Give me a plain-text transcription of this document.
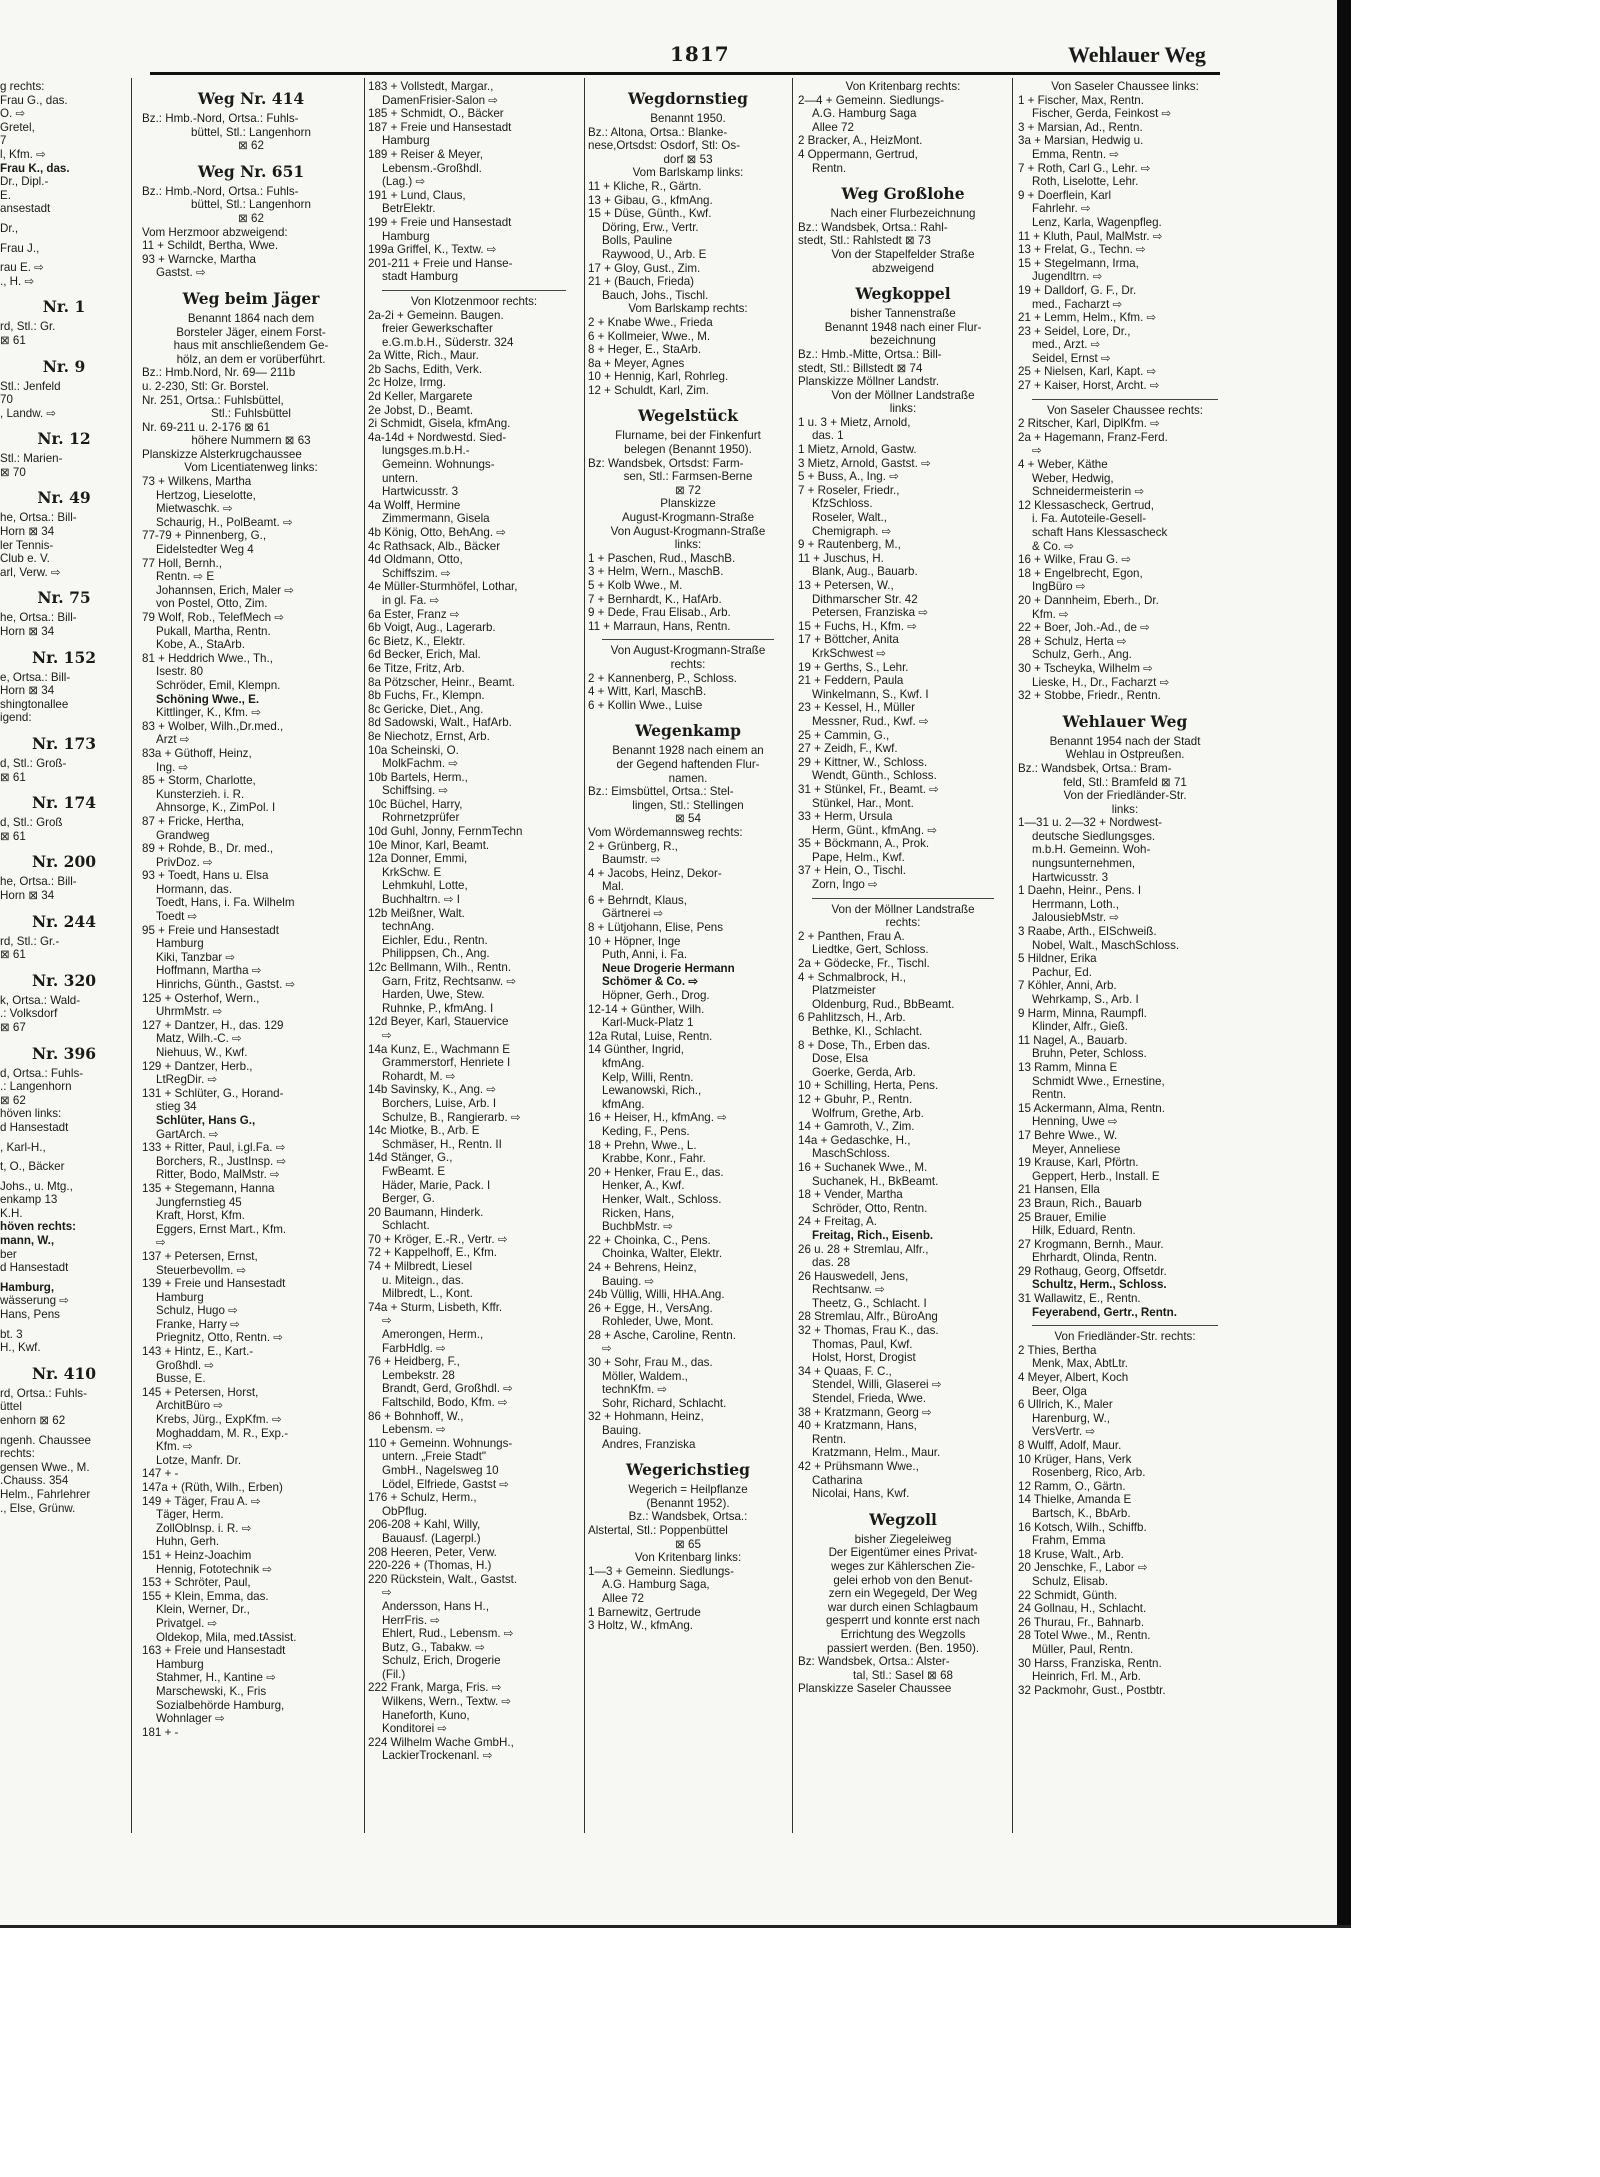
1817	Wehlauer Weg
g rechts:
Frau G., das.
O. ⇨
Gretel,
7
l, Kfm. ⇨
Frau K., das.
Dr., Dipl.-
E.
ansestadt
Dr.,
Frau J.,
rau E. ⇨
., H. ⇨
Nr. 1
rd, Stl.: Gr.
⊠ 61
Nr. 9
Stl.: Jenfeld
70
, Landw. ⇨
Nr. 12
Stl.: Marien-
⊠ 70
Nr. 49
he, Ortsa.: Bill-
Horn ⊠ 34
ler Tennis-
Club e. V.
arl, Verw. ⇨
Nr. 75
he, Ortsa.: Bill-
Horn ⊠ 34
Nr. 152
e, Ortsa.: Bill-
Horn ⊠ 34
shingtonallee
igend:
Nr. 173
d, Stl.: Groß-
⊠ 61
Nr. 174
d, Stl.: Groß
⊠ 61
Nr. 200
he, Ortsa.: Bill-
Horn ⊠ 34
Nr. 244
rd, Stl.: Gr.-
⊠ 61
Nr. 320
k, Ortsa.: Wald-
.: Volksdorf
⊠ 67
Nr. 396
d, Ortsa.: Fuhls-
.: Langenhorn
⊠ 62
höven links:
d Hansestadt
, Karl-H.,
t, O., Bäcker
Johs., u. Mtg.,
enkamp 13
K.H.
höven rechts:
mann, W.,
ber
d Hansestadt
Hamburg,
wässerung ⇨
Hans, Pens
bt. 3
H., Kwf.
Nr. 410
rd, Ortsa.: Fuhls-
üttel
enhorn ⊠ 62
ngenh. Chaussee
rechts:
gensen Wwe., M.
.Chauss. 354
Helm., Fahrlehrer
., Else, Grünw.
Weg Nr. 414
Bz.: Hmb.-Nord, Ortsa.: Fuhls-
büttel, Stl.: Langenhorn
⊠ 62
Weg Nr. 651
Bz.: Hmb.-Nord, Ortsa.: Fuhls-
büttel, Stl.: Langenhorn
⊠ 62
Vom Herzmoor abzweigend:
11 + Schildt, Bertha, Wwe.
93 + Warncke, Martha
Gastst. ⇨
Weg beim Jäger
Benannt 1864 nach dem
Borsteler Jäger, einem Forst-
haus mit anschließendem Ge-
hölz, an dem er vorüberführt.
Bz.: Hmb.Nord, Nr. 69— 211b
u. 2-230, Stl: Gr. Borstel.
Nr. 251, Ortsa.: Fuhlsbüttel,
Stl.: Fuhlsbüttel
Nr. 69-211 u. 2-176 ⊠ 61
höhere Nummern ⊠ 63
Planskizze Alsterkrugchaussee
Vom Licentiatenweg links:
73 + Wilkens, Martha
Hertzog, Lieselotte,
Mietwaschk. ⇨
Schaurig, H., PolBeamt. ⇨
77-79 + Pinnenberg, G.,
Eidelstedter Weg 4
77 Holl, Bernh.,
Rentn. ⇨ E
Johannsen, Erich, Maler ⇨
von Postel, Otto, Zim.
79 Wolf, Rob., TelefMech ⇨
Pukall, Martha, Rentn.
Kobe, A., StaArb.
81 + Heddrich Wwe., Th.,
Isestr. 80
Schröder, Emil, Klempn.
Schöning Wwe., E.
Kittlinger, K., Kfm. ⇨
83 + Wolber, Wilh.,Dr.med.,
Arzt ⇨
83a + Güthoff, Heinz,
Ing. ⇨
85 + Storm, Charlotte,
Kunsterzieh. i. R.
Ahnsorge, K., ZimPol. I
87 + Fricke, Hertha,
Grandweg
89 + Rohde, B., Dr. med.,
PrivDoz. ⇨
93 + Toedt, Hans u. Elsa
Hormann, das.
Toedt, Hans, i. Fa. Wilhelm
Toedt ⇨
95 + Freie und Hansestadt
Hamburg
Kiki, Tanzbar ⇨
Hoffmann, Martha ⇨
Hinrichs, Günth., Gastst. ⇨
125 + Osterhof, Wern.,
UhrmMstr. ⇨
127 + Dantzer, H., das. 129
Matz, Wilh.-C. ⇨
Niehuus, W., Kwf.
129 + Dantzer, Herb.,
LtRegDir. ⇨
131 + Schlüter, G., Horand-
stieg 34
Schlüter, Hans G.,
GartArch. ⇨
133 + Ritter, Paul, i.gl.Fa. ⇨
Borchers, R., JustInsp. ⇨
Ritter, Bodo, MalMstr. ⇨
135 + Stegemann, Hanna
Jungfernstieg 45
Kraft, Horst, Kfm.
Eggers, Ernst Mart., Kfm.
⇨
137 + Petersen, Ernst,
Steuerbevollm. ⇨
139 + Freie und Hansestadt
Hamburg
Schulz, Hugo ⇨
Franke, Harry ⇨
Priegnitz, Otto, Rentn. ⇨
143 + Hintz, E., Kart.-
Großhdl. ⇨
Busse, E.
145 + Petersen, Horst,
ArchitBüro ⇨
Krebs, Jürg., ExpKfm. ⇨
Moghaddam, M. R., Exp.-
Kfm. ⇨
Lotze, Manfr. Dr.
147 + -
147a + (Rüth, Wilh., Erben)
149 + Täger, Frau A. ⇨
Täger, Herm.
ZollOblnsp. i. R. ⇨
Huhn, Gerh.
151 + Heinz-Joachim
Hennig, Fototechnik ⇨
153 + Schröter, Paul,
155 + Klein, Emma, das.
Klein, Werner, Dr.,
Privatgel. ⇨
Oldekop, Mila, med.tAssist.
163 + Freie und Hansestadt
Hamburg
Stahmer, H., Kantine ⇨
Marschewski, K., Fris
Sozialbehörde Hamburg,
Wohnlager ⇨
181 + -
183 + Vollstedt, Margar.,
DamenFrisier-Salon ⇨
185 + Schmidt, O., Bäcker
187 + Freie und Hansestadt
Hamburg
189 + Reiser & Meyer,
Lebensm.-Großhdl.
(Lag.) ⇨
191 + Lund, Claus,
BetrElektr.
199 + Freie und Hansestadt
Hamburg
199a Griffel, K., Textw. ⇨
201-211 + Freie und Hanse-
stadt Hamburg
Von Klotzenmoor rechts:
2a-2i + Gemeinn. Baugen.
freier Gewerkschafter
e.G.m.b.H., Süderstr. 324
2a Witte, Rich., Maur.
2b Sachs, Edith, Verk.
2c Holze, Irmg.
2d Keller, Margarete
2e Jobst, D., Beamt.
2i Schmidt, Gisela, kfmAng.
4a-14d + Nordwestd. Sied-
lungsges.m.b.H.-
Gemeinn. Wohnungs-
untern.
Hartwicusstr. 3
4a Wolff, Hermine
Zimmermann, Gisela
4b König, Otto, BehAng. ⇨
4c Rathsack, Alb., Bäcker
4d Oldmann, Otto,
Schiffszim. ⇨
4e Müller-Sturmhöfel, Lothar,
in gl. Fa. ⇨
6a Ester, Franz ⇨
6b Voigt, Aug., Lagerarb.
6c Bietz, K., Elektr.
6d Becker, Erich, Mal.
6e Titze, Fritz, Arb.
8a Pötzscher, Heinr., Beamt.
8b Fuchs, Fr., Klempn.
8c Gericke, Diet., Ang.
8d Sadowski, Walt., HafArb.
8e Niechotz, Ernst, Arb.
10a Scheinski, O.
MolkFachm. ⇨
10b Bartels, Herm.,
Schiffsing. ⇨
10c Büchel, Harry,
Rohrnetzprüfer
10d Guhl, Jonny, FernmTechn
10e Minor, Karl, Beamt.
12a Donner, Emmi,
KrkSchw. E
Lehmkuhl, Lotte,
Buchhaltrn. ⇨ I
12b Meißner, Walt.
technAng.
Eichler, Edu., Rentn.
Philippsen, Ch., Ang.
12c Bellmann, Wilh., Rentn.
Garn, Fritz, Rechtsanw. ⇨
Harden, Uwe, Stew.
Ruhnke, P., kfmAng. I
12d Beyer, Karl, Stauervice
⇨
14a Kunz, E., Wachmann E
Grammerstorf, Henriete I
Rohardt, M. ⇨
14b Savinsky, K., Ang. ⇨
Borchers, Luise, Arb. I
Schulze, B., Rangierarb. ⇨
14c Miotke, B., Arb. E
Schmäser, H., Rentn. II
14d Stänger, G.,
FwBeamt. E
Häder, Marie, Pack. I
Berger, G.
20 Baumann, Hinderk.
Schlacht.
70 + Kröger, E.-R., Vertr. ⇨
72 + Kappelhoff, E., Kfm.
74 + Milbredt, Liesel
u. Miteign., das.
Milbredt, L., Kont.
74a + Sturm, Lisbeth, Kffr.
⇨
Amerongen, Herm.,
FarbHdlg. ⇨
76 + Heidberg, F.,
Lembekstr. 28
Brandt, Gerd, Großhdl. ⇨
Faltschild, Bodo, Kfm. ⇨
86 + Bohnhoff, W.,
Lebensm. ⇨
110 + Gemeinn. Wohnungs-
untern. „Freie Stadt"
GmbH., Nagelsweg 10
Lödel, Elfriede, Gastst ⇨
176 + Schulz, Herm.,
ObPflug.
206-208 + Kahl, Willy,
Bauausf. (Lagerpl.)
208 Heeren, Peter, Verw.
220-226 + (Thomas, H.)
220 Rückstein, Walt., Gastst.
⇨
Andersson, Hans H.,
HerrFris. ⇨
Ehlert, Rud., Lebensm. ⇨
Butz, G., Tabakw. ⇨
Schulz, Erich, Drogerie
(Fil.)
222 Frank, Marga, Fris. ⇨
Wilkens, Wern., Textw. ⇨
Haneforth, Kuno,
Konditorei ⇨
224 Wilhelm Wache GmbH.,
LackierTrockenanl. ⇨
Wegdornstieg
Benannt 1950.
Bz.: Altona, Ortsa.: Blanke-
nese,Ortsdst: Osdorf, Stl: Os-
dorf ⊠ 53
Vom Barlskamp links:
11 + Kliche, R., Gärtn.
13 + Gibau, G., kfmAng.
15 + Düse, Günth., Kwf.
Döring, Erw., Vertr.
Bolls, Pauline
Raywood, U., Arb. E
17 + Gloy, Gust., Zim.
21 + (Bauch, Frieda)
Bauch, Johs., Tischl.
Vom Barlskamp rechts:
2 + Knabe Wwe., Frieda
6 + Kollmeier, Wwe., M.
8 + Heger, E., StaArb.
8a + Meyer, Agnes
10 + Hennig, Karl, Rohrleg.
12 + Schuldt, Karl, Zim.
Wegelstück
Flurname, bei der Finkenfurt
belegen (Benannt 1950).
Bz: Wandsbek, Ortsdst: Farm-
sen, Stl.: Farmsen-Berne
⊠ 72
Planskizze
August-Krogmann-Straße
Von August-Krogmann-Straße
links:
1 + Paschen, Rud., MaschB.
3 + Helm, Wern., MaschB.
5 + Kolb Wwe., M.
7 + Bernhardt, K., HafArb.
9 + Dede, Frau Elisab., Arb.
11 + Marraun, Hans, Rentn.
Von August-Krogmann-Straße
rechts:
2 + Kannenberg, P., Schloss.
4 + Witt, Karl, MaschB.
6 + Kollin Wwe., Luise
Wegenkamp
Benannt 1928 nach einem an
der Gegend haftenden Flur-
namen.
Bz.: Eimsbüttel, Ortsa.: Stel-
lingen, Stl.: Stellingen
⊠ 54
Vom Wördemannsweg rechts:
2 + Grünberg, R.,
Baumstr. ⇨
4 + Jacobs, Heinz, Dekor-
Mal.
6 + Behrndt, Klaus,
Gärtnerei ⇨
8 + Lütjohann, Elise, Pens
10 + Höpner, Inge
Puth, Anni, i. Fa.
Neue Drogerie Hermann
Schömer & Co. ⇨
Höpner, Gerh., Drog.
12-14 + Günther, Wilh.
Karl-Muck-Platz 1
12a Rutal, Luise, Rentn.
14 Günther, Ingrid,
kfmAng.
Kelp, Willi, Rentn.
Lewanowski, Rich.,
kfmAng.
16 + Heiser, H., kfmAng. ⇨
Keding, F., Pens.
18 + Prehn, Wwe., L.
Krabbe, Konr., Fahr.
20 + Henker, Frau E., das.
Henker, A., Kwf.
Henker, Walt., Schloss.
Ricken, Hans,
BuchbMstr. ⇨
22 + Choinka, C., Pens.
Choinka, Walter, Elektr.
24 + Behrens, Heinz,
Bauing. ⇨
24b Vüllig, Willi, HHA.Ang.
26 + Egge, H., VersAng.
Rohleder, Uwe, Mont.
28 + Asche, Caroline, Rentn.
⇨
30 + Sohr, Frau M., das.
Möller, Waldem.,
technKfm. ⇨
Sohr, Richard, Schlacht.
32 + Hohmann, Heinz,
Bauing.
Andres, Franziska
Wegerichstieg
Wegerich = Heilpflanze
(Benannt 1952).
Bz.: Wandsbek, Ortsa.:
Alstertal, Stl.: Poppenbüttel
⊠ 65
Von Kritenbarg links:
1—3 + Gemeinn. Siedlungs-
A.G. Hamburg Saga,
Allee 72
1 Barnewitz, Gertrude
3 Holtz, W., kfmAng.
Von Kritenbarg rechts:
2—4 + Gemeinn. Siedlungs-
A.G. Hamburg Saga
Allee 72
2 Bracker, A., HeizMont.
4 Oppermann, Gertrud,
Rentn.
Weg Großlohe
Nach einer Flurbezeichnung
Bz.: Wandsbek, Ortsa.: Rahl-
stedt, Stl.: Rahlstedt ⊠ 73
Von der Stapelfelder Straße
abzweigend
Wegkoppel
bisher Tannenstraße
Benannt 1948 nach einer Flur-
bezeichnung
Bz.: Hmb.-Mitte, Ortsa.: Bill-
stedt, Stl.: Billstedt ⊠ 74
Planskizze Möllner Landstr.
Von der Möllner Landstraße
links:
1 u. 3 + Mietz, Arnold,
das. 1
1 Mietz, Arnold, Gastw.
3 Mietz, Arnold, Gastst. ⇨
5 + Buss, A., Ing. ⇨
7 + Roseler, Friedr.,
KfzSchloss.
Roseler, Walt.,
Chemigraph. ⇨
9 + Rautenberg, M.,
11 + Juschus, H.
Blank, Aug., Bauarb.
13 + Petersen, W.,
Dithmarscher Str. 42
Petersen, Franziska ⇨
15 + Fuchs, H., Kfm. ⇨
17 + Böttcher, Anita
KrkSchwest ⇨
19 + Gerths, S., Lehr.
21 + Feddern, Paula
Winkelmann, S., Kwf. I
23 + Kessel, H., Müller
Messner, Rud., Kwf. ⇨
25 + Cammin, G.,
27 + Zeidh, F., Kwf.
29 + Kittner, W., Schloss.
Wendt, Günth., Schloss.
31 + Stünkel, Fr., Beamt. ⇨
Stünkel, Har., Mont.
33 + Herm, Ursula
Herm, Günt., kfmAng. ⇨
35 + Böckmann, A., Prok.
Pape, Helm., Kwf.
37 + Hein, O., Tischl.
Zorn, Ingo ⇨
Von der Möllner Landstraße
rechts:
2 + Panthen, Frau A.
Liedtke, Gert, Schloss.
2a + Gödecke, Fr., Tischl.
4 + Schmalbrock, H.,
Platzmeister
Oldenburg, Rud., BbBeamt.
6 Pahlitzsch, H., Arb.
Bethke, Kl., Schlacht.
8 + Dose, Th., Erben das.
Dose, Elsa
Goerke, Gerda, Arb.
10 + Schilling, Herta, Pens.
12 + Gbuhr, P., Rentn.
Wolfrum, Grethe, Arb.
14 + Gamroth, V., Zim.
14a + Gedaschke, H.,
MaschSchloss.
16 + Suchanek Wwe., M.
Suchanek, H., BkBeamt.
18 + Vender, Martha
Schröder, Otto, Rentn.
24 + Freitag, A.
Freitag, Rich., Eisenb.
26 u. 28 + Stremlau, Alfr.,
das. 28
26 Hauswedell, Jens,
Rechtsanw. ⇨
Theetz, G., Schlacht. I
28 Stremlau, Alfr., BüroAng
32 + Thomas, Frau K., das.
Thomas, Paul, Kwf.
Holst, Horst, Drogist
34 + Quaas, F. C.,
Stendel, Willi, Glaserei ⇨
Stendel, Frieda, Wwe.
38 + Kratzmann, Georg ⇨
40 + Kratzmann, Hans,
Rentn.
Kratzmann, Helm., Maur.
42 + Prühsmann Wwe.,
Catharina
Nicolai, Hans, Kwf.
Wegzoll
bisher Ziegeleiweg
Der Eigentümer eines Privat-
weges zur Kählerschen Zie-
gelei erhob von den Benut-
zern ein Wegegeld, Der Weg
war durch einen Schlagbaum
gesperrt und konnte erst nach
Errichtung des Wegzolls
passiert werden. (Ben. 1950).
Bz: Wandsbek, Ortsa.: Alster-
tal, Stl.: Sasel ⊠ 68
Planskizze Saseler Chaussee
Von Saseler Chaussee links:
1 + Fischer, Max, Rentn.
Fischer, Gerda, Feinkost ⇨
3 + Marsian, Ad., Rentn.
3a + Marsian, Hedwig u.
Emma, Rentn. ⇨
7 + Roth, Carl G., Lehr. ⇨
Roth, Liselotte, Lehr.
9 + Doerflein, Karl
Fahrlehr. ⇨
Lenz, Karla, Wagenpfleg.
11 + Kluth, Paul, MalMstr. ⇨
13 + Frelat, G., Techn. ⇨
15 + Stegelmann, Irma,
Jugendltrn. ⇨
19 + Dalldorf, G. F., Dr.
med., Facharzt ⇨
21 + Lemm, Helm., Kfm. ⇨
23 + Seidel, Lore, Dr.,
med., Arzt. ⇨
Seidel, Ernst ⇨
25 + Nielsen, Karl, Kapt. ⇨
27 + Kaiser, Horst, Archt. ⇨
Von Saseler Chaussee rechts:
2 Ritscher, Karl, DiplKfm. ⇨
2a + Hagemann, Franz-Ferd.
⇨
4 + Weber, Käthe
Weber, Hedwig,
Schneidermeisterin ⇨
12 Klessascheck, Gertrud,
i. Fa. Autoteile-Gesell-
schaft Hans Klessascheck
& Co. ⇨
16 + Wilke, Frau G. ⇨
18 + Engelbrecht, Egon,
IngBüro ⇨
20 + Dannheim, Eberh., Dr.
Kfm. ⇨
22 + Boer, Joh.-Ad., de ⇨
28 + Schulz, Herta ⇨
Schulz, Gerh., Ang.
30 + Tscheyka, Wilhelm ⇨
Lieske, H., Dr., Facharzt ⇨
32 + Stobbe, Friedr., Rentn.
Wehlauer Weg
Benannt 1954 nach der Stadt
Wehlau in Ostpreußen.
Bz.: Wandsbek, Ortsa.: Bram-
feld, Stl.: Bramfeld ⊠ 71
Von der Friedländer-Str.
links:
1—31 u. 2—32 + Nordwest-
deutsche Siedlungsges.
m.b.H. Gemeinn. Woh-
nungsunternehmen,
Hartwicusstr. 3
1 Daehn, Heinr., Pens. I
Herrmann, Loth.,
JalousiebMstr. ⇨
3 Raabe, Arth., ElSchweiß.
Nobel, Walt., MaschSchloss.
5 Hildner, Erika
Pachur, Ed.
7 Köhler, Anni, Arb.
Wehrkamp, S., Arb. I
9 Harm, Minna, Raumpfl.
Klinder, Alfr., Gieß.
11 Nagel, A., Bauarb.
Bruhn, Peter, Schloss.
13 Ramm, Minna E
Schmidt Wwe., Ernestine,
Rentn.
15 Ackermann, Alma, Rentn.
Henning, Uwe ⇨
17 Behre Wwe., W.
Meyer, Anneliese
19 Krause, Karl, Pförtn.
Geppert, Herb., Install. E
21 Hansen, Ella
23 Braun, Rich., Bauarb
25 Brauer, Emilie
Hilk, Eduard, Rentn.
27 Krogmann, Bernh., Maur.
Ehrhardt, Olinda, Rentn.
29 Rothaug, Georg, Offsetdr.
Schultz, Herm., Schloss.
31 Wallawitz, E., Rentn.
Feyerabend, Gertr., Rentn.
Von Friedländer-Str. rechts:
2 Thies, Bertha
Menk, Max, AbtLtr.
4 Meyer, Albert, Koch
Beer, Olga
6 Ullrich, K., Maler
Harenburg, W.,
VersVertr. ⇨
8 Wulff, Adolf, Maur.
10 Krüger, Hans, Verk
Rosenberg, Rico, Arb.
12 Ramm, O., Gärtn.
14 Thielke, Amanda E
Bartsch, K., BbArb.
16 Kotsch, Wilh., Schiffb.
Frahm, Emma
18 Kruse, Walt., Arb.
20 Jenschke, F., Labor ⇨
Schulz, Elisab.
22 Schmidt, Günth.
24 Gollnau, H., Schlacht.
26 Thurau, Fr., Bahnarb.
28 Totel Wwe., M., Rentn.
Müller, Paul, Rentn.
30 Harss, Franziska, Rentn.
Heinrich, Frl. M., Arb.
32 Packmohr, Gust., Postbtr.
